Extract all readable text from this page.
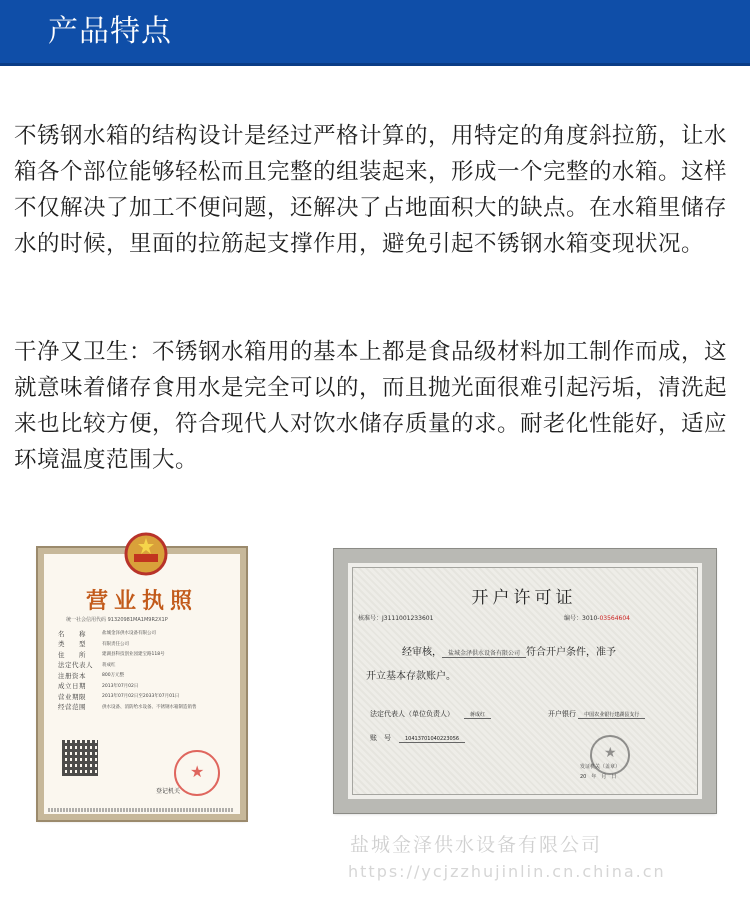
产品特点

不锈钢水箱的结构设计是经过严格计算的，用特定的角度斜拉筋，让水箱各个部位能够轻松而且完整的组装起来，形成一个完整的水箱。这样不仅解决了加工不便问题，还解决了占地面积大的缺点。在水箱里储存水的时候，里面的拉筋起支撑作用，避免引起不锈钢水箱变现状况。

干净又卫生：不锈钢水箱用的基本上都是食品级材料加工制作而成，这就意味着储存食用水是完全可以的，而且抛光面很难引起污垢，清洗起来也比较方便，符合现代人对饮水储存质量的求。耐老化性能好，适应环境温度范围大。

营业执照
统一社会信用代码 91320981MA1M9R2X1P
名　　称	盐城金泽供水设备有限公司
类　　型	有限责任公司
住　　所	建湖县科技创业园建宝路118号
法定代表人	蒋成红
注册资本	800万元整
成立日期	2013年07月02日
营业期限	2013年07月02日至2033年07月01日
经营范围	供水设备、消防给水设备、不锈钢水箱制造销售
★
登记机关
开户许可证
核准号：J3111001233601	编号：3010-03564604
经审核， 盐城金泽供水设备有限公司 符合开户条件，准予
开立基本存款账户。
法定代表人（单位负责人）	蒋成红	开户银行 中国农业银行建湖县支行
账　号	10413701040223056
★
发证机关（盖章）
20　年　月　日
盐城金泽供水设备有限公司
https://ycjzzhujinlin.cn.china.cn
